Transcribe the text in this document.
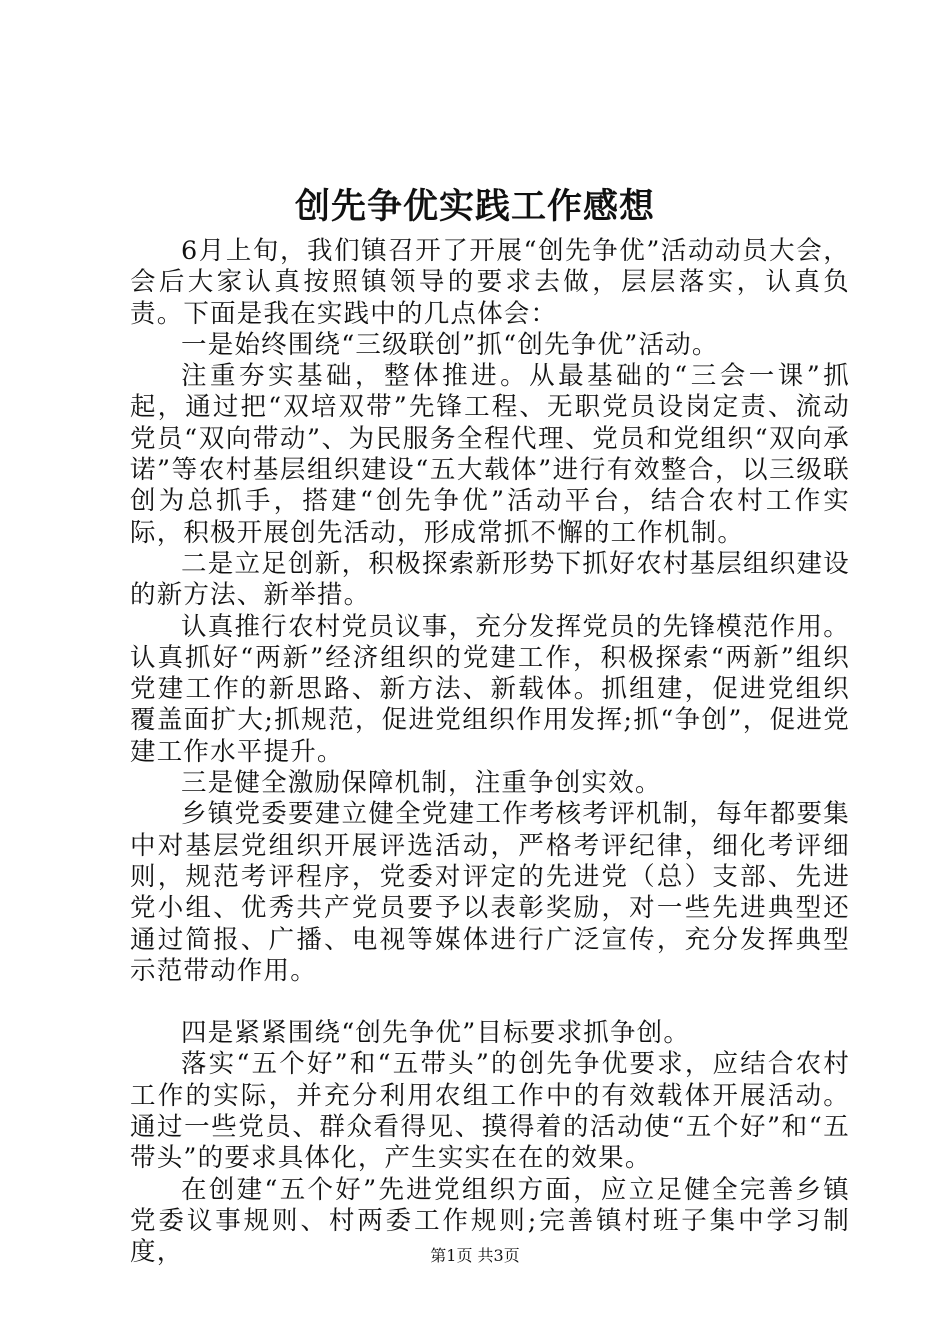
创先争优实践工作感想

6月上旬，我们镇召开了开展“创先争优”活动动员大会，会后大家认真按照镇领导的要求去做，层层落实，认真负责。下面是我在实践中的几点体会：

一是始终围绕“三级联创”抓“创先争优”活动。

注重夯实基础，整体推进。从最基础的“三会一课”抓起，通过把“双培双带”先锋工程、无职党员设岗定责、流动党员“双向带动”、为民服务全程代理、党员和党组织“双向承诺”等农村基层组织建设“五大载体”进行有效整合，以三级联创为总抓手，搭建“创先争优”活动平台，结合农村工作实际，积极开展创先活动，形成常抓不懈的工作机制。

二是立足创新，积极探索新形势下抓好农村基层组织建设的新方法、新举措。

认真推行农村党员议事，充分发挥党员的先锋模范作用。认真抓好“两新”经济组织的党建工作，积极探索“两新”组织党建工作的新思路、新方法、新载体。抓组建，促进党组织覆盖面扩大;抓规范，促进党组织作用发挥;抓“争创”，促进党建工作水平提升。

三是健全激励保障机制，注重争创实效。

乡镇党委要建立健全党建工作考核考评机制，每年都要集中对基层党组织开展评选活动，严格考评纪律，细化考评细则，规范考评程序，党委对评定的先进党（总）支部、先进党小组、优秀共产党员要予以表彰奖励，对一些先进典型还通过简报、广播、电视等媒体进行广泛宣传，充分发挥典型示范带动作用。

四是紧紧围绕“创先争优”目标要求抓争创。

落实“五个好”和“五带头”的创先争优要求，应结合农村工作的实际，并充分利用农组工作中的有效载体开展活动。通过一些党员、群众看得见、摸得着的活动使“五个好”和“五带头”的要求具体化，产生实实在在的效果。

在创建“五个好”先进党组织方面，应立足健全完善乡镇党委议事规则、村两委工作规则;完善镇村班子集中学习制度，	第1页 共3页
